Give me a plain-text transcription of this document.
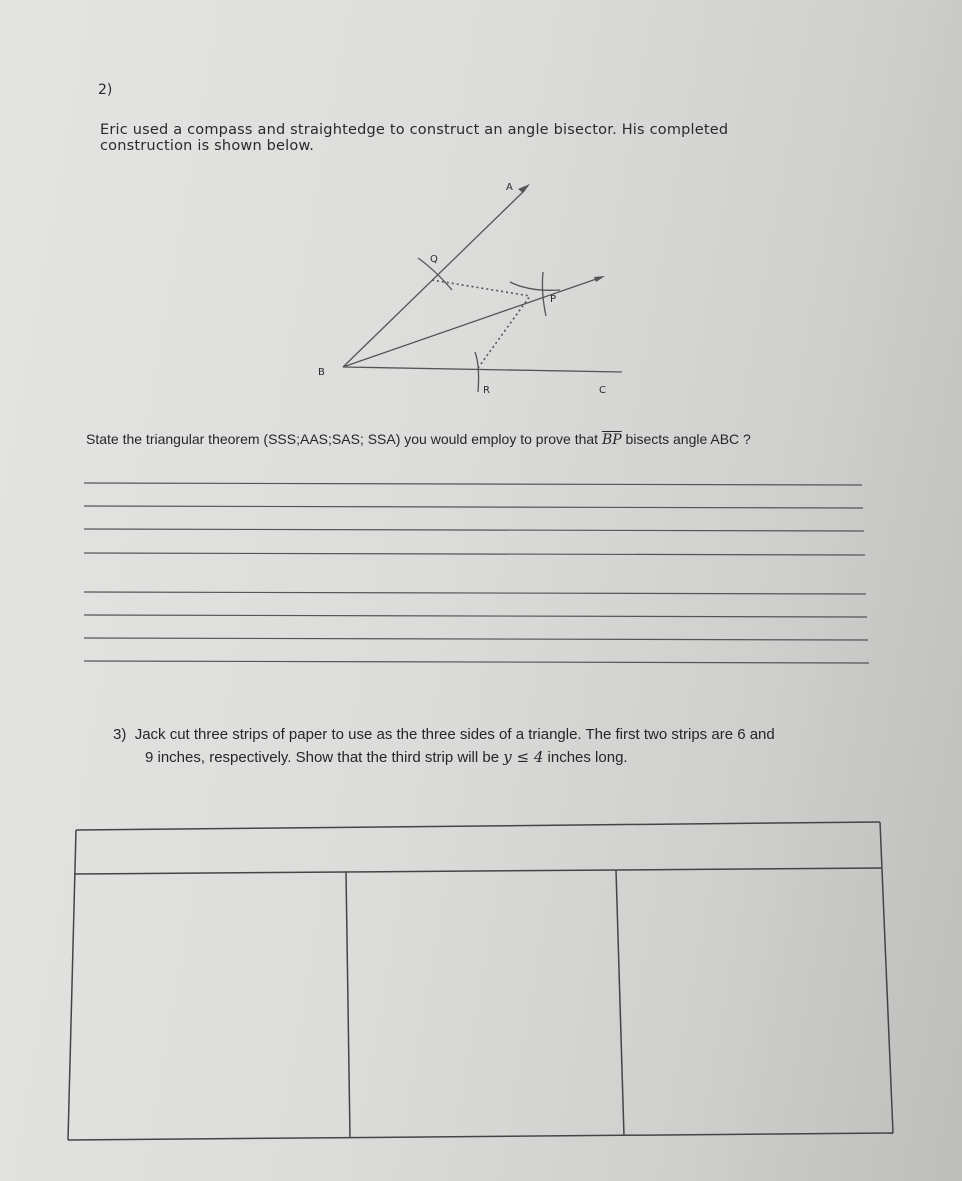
2)
Eric used a compass and straightedge to construct an angle bisector. His completed
construction is shown below.
A
Q
P
B
R	C
State the triangular theorem (SSS;AAS;SAS; SSA) you would employ to prove that $\overline{BP}$ bisects angle ABC ?
3) Jack cut three strips of paper to use as the three sides of a triangle. The first two strips are 6 and
9 inches, respectively. Show that the third strip will be y ≤ 4 inches long.
